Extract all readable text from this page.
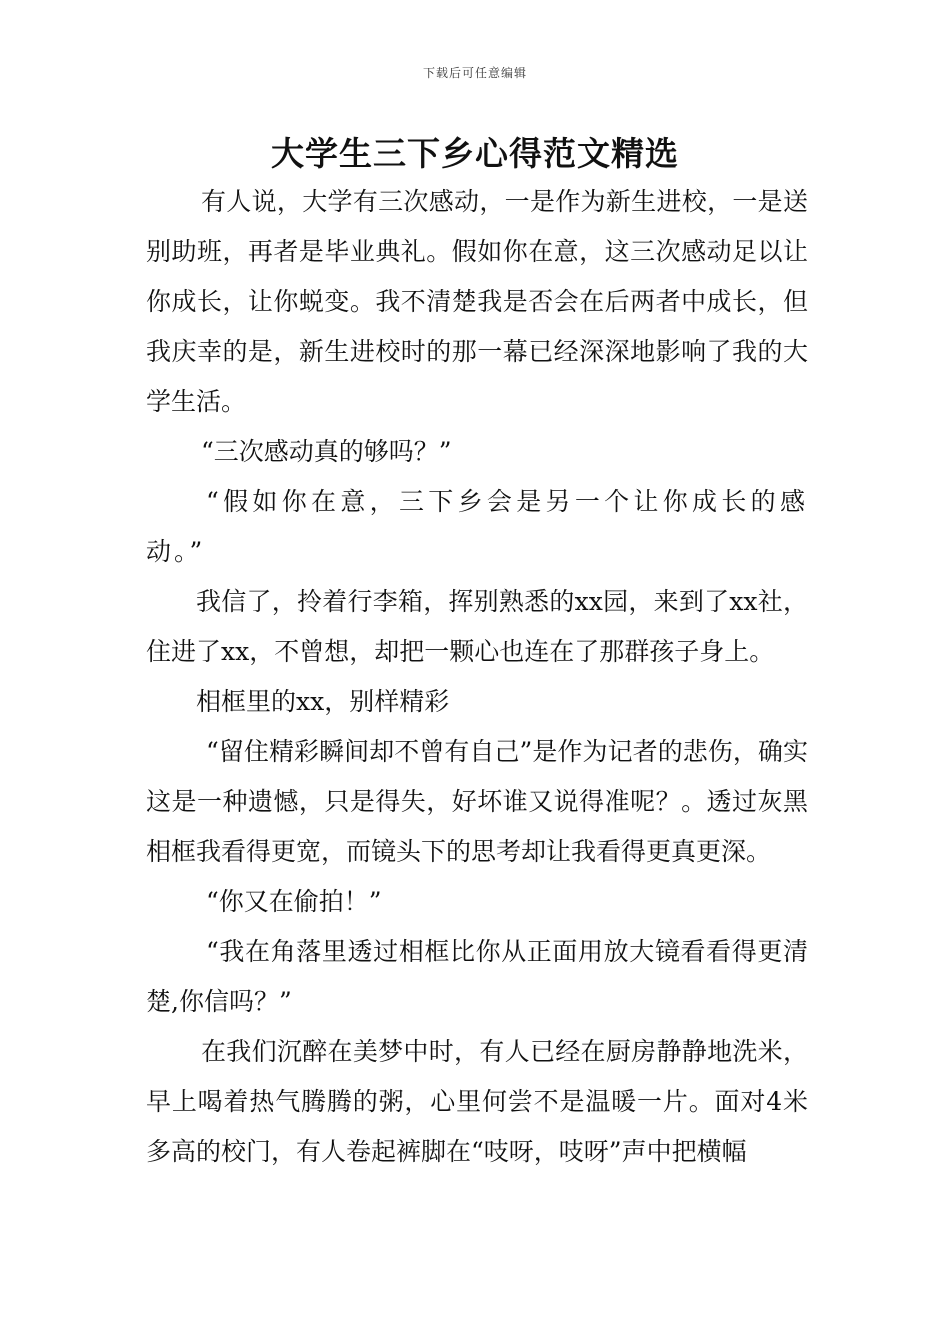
下载后可任意编辑
大学生三下乡心得范文精选

有人说，大学有三次感动，一是作为新生进校，一是送别助班，再者是毕业典礼。假如你在意，这三次感动足以让你成长，让你蜕变。我不清楚我是否会在后两者中成长，但我庆幸的是，新生进校时的那一幕已经深深地影响了我的大学生活。

“三次感动真的够吗？”

“假如你在意，三下乡会是另一个让你成长的感动。”

我信了，拎着行李箱，挥别熟悉的xx园，来到了xx社，住进了xx，不曾想，却把一颗心也连在了那群孩子身上。

相框里的xx，别样精彩

“留住精彩瞬间却不曾有自己”是作为记者的悲伤，确实这是一种遗憾，只是得失，好坏谁又说得准呢？。透过灰黑相框我看得更宽，而镜头下的思考却让我看得更真更深。

“你又在偷拍！”

“我在角落里透过相框比你从正面用放大镜看看得更清楚,你信吗？”

在我们沉醉在美梦中时，有人已经在厨房静静地洗米，早上喝着热气腾腾的粥，心里何尝不是温暖一片。面对4米多高的校门，有人卷起裤脚在“吱呀，吱呀”声中把横幅
